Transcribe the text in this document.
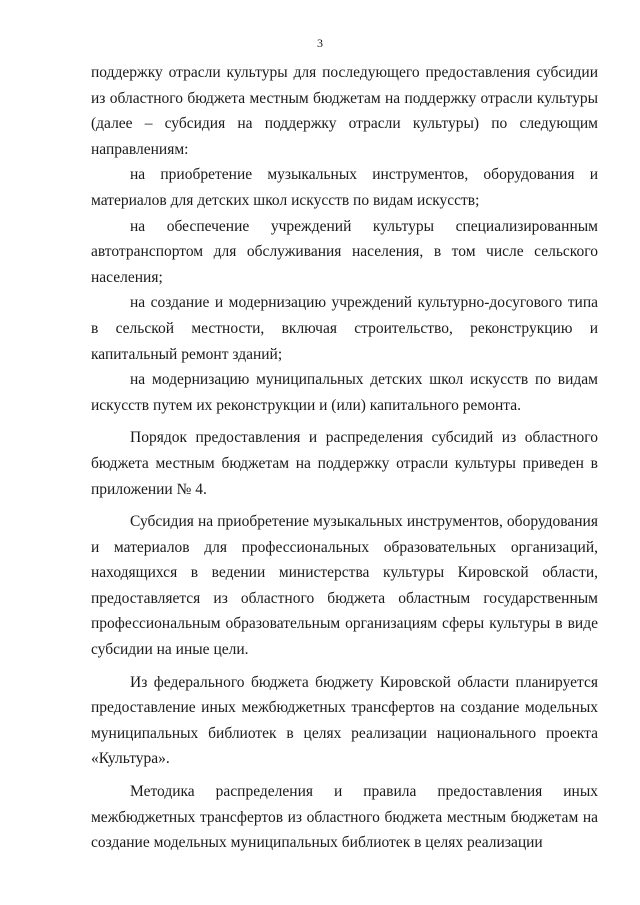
3

поддержку отрасли культуры для последующего предоставления субсидии из областного бюджета местным бюджетам на поддержку отрасли культуры (далее – субсидия на поддержку отрасли культуры) по следующим направлениям:

на приобретение музыкальных инструментов, оборудования и материалов для детских школ искусств по видам искусств;

на обеспечение учреждений культуры специализированным автотранспортом для обслуживания населения, в том числе сельского населения;

на создание и модернизацию учреждений культурно-досугового типа в сельской местности, включая строительство, реконструкцию и капитальный ремонт зданий;

на модернизацию муниципальных детских школ искусств по видам искусств путем их реконструкции и (или) капитального ремонта.

Порядок предоставления и распределения субсидий из областного бюджета местным бюджетам на поддержку отрасли культуры приведен в приложении № 4.

Субсидия на приобретение музыкальных инструментов, оборудования и материалов для профессиональных образовательных организаций, находящихся в ведении министерства культуры Кировской области, предоставляется из областного бюджета областным государственным профессиональным образовательным организациям сферы культуры в виде субсидии на иные цели.

Из федерального бюджета бюджету Кировской области планируется предоставление иных межбюджетных трансфертов на создание модельных муниципальных библиотек в целях реализации национального проекта «Культура».

Методика распределения и правила предоставления иных межбюджетных трансфертов из областного бюджета местным бюджетам на создание модельных муниципальных библиотек в целях реализации
